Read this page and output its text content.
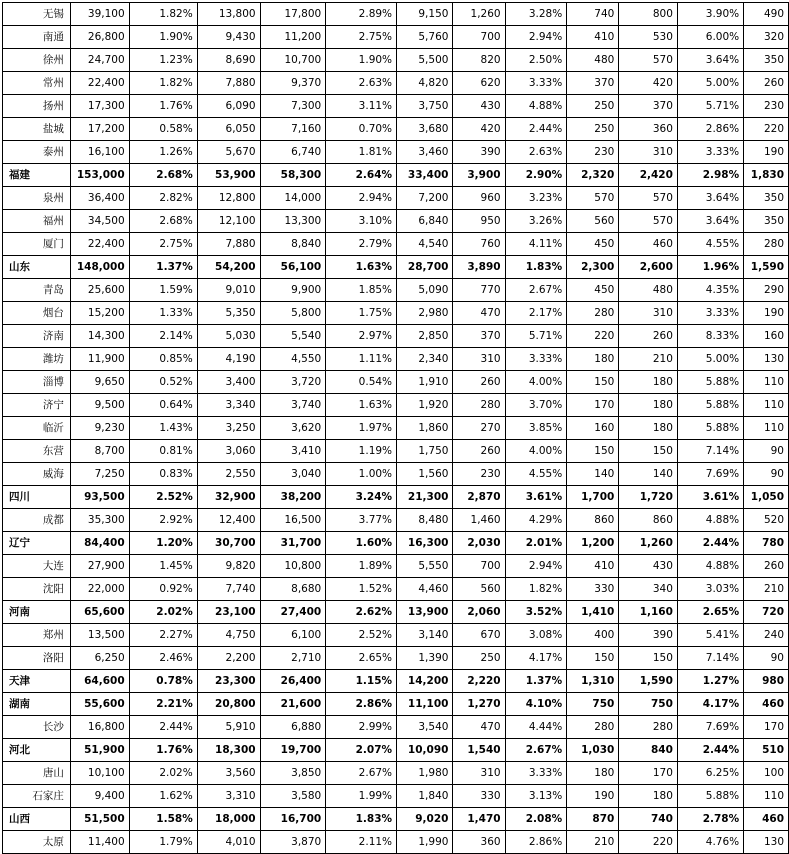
无锡	39,100	1.82%	13,800	17,800	2.89%	9,150	1,260	3.28%	740	800	3.90%	490
南通	26,800	1.90%	9,430	11,200	2.75%	5,760	700	2.94%	410	530	6.00%	320
徐州	24,700	1.23%	8,690	10,700	1.90%	5,500	820	2.50%	480	570	3.64%	350
常州	22,400	1.82%	7,880	9,370	2.63%	4,820	620	3.33%	370	420	5.00%	260
扬州	17,300	1.76%	6,090	7,300	3.11%	3,750	430	4.88%	250	370	5.71%	230
盐城	17,200	0.58%	6,050	7,160	0.70%	3,680	420	2.44%	250	360	2.86%	220
泰州	16,100	1.26%	5,670	6,740	1.81%	3,460	390	2.63%	230	310	3.33%	190
福建	153,000	2.68%	53,900	58,300	2.64%	33,400	3,900	2.90%	2,320	2,420	2.98%	1,830
泉州	36,400	2.82%	12,800	14,000	2.94%	7,200	960	3.23%	570	570	3.64%	350
福州	34,500	2.68%	12,100	13,300	3.10%	6,840	950	3.26%	560	570	3.64%	350
厦门	22,400	2.75%	7,880	8,840	2.79%	4,540	760	4.11%	450	460	4.55%	280
山东	148,000	1.37%	54,200	56,100	1.63%	28,700	3,890	1.83%	2,300	2,600	1.96%	1,590
青岛	25,600	1.59%	9,010	9,900	1.85%	5,090	770	2.67%	450	480	4.35%	290
烟台	15,200	1.33%	5,350	5,800	1.75%	2,980	470	2.17%	280	310	3.33%	190
济南	14,300	2.14%	5,030	5,540	2.97%	2,850	370	5.71%	220	260	8.33%	160
潍坊	11,900	0.85%	4,190	4,550	1.11%	2,340	310	3.33%	180	210	5.00%	130
淄博	9,650	0.52%	3,400	3,720	0.54%	1,910	260	4.00%	150	180	5.88%	110
济宁	9,500	0.64%	3,340	3,740	1.63%	1,920	280	3.70%	170	180	5.88%	110
临沂	9,230	1.43%	3,250	3,620	1.97%	1,860	270	3.85%	160	180	5.88%	110
东营	8,700	0.81%	3,060	3,410	1.19%	1,750	260	4.00%	150	150	7.14%	90
威海	7,250	0.83%	2,550	3,040	1.00%	1,560	230	4.55%	140	140	7.69%	90
四川	93,500	2.52%	32,900	38,200	3.24%	21,300	2,870	3.61%	1,700	1,720	3.61%	1,050
成都	35,300	2.92%	12,400	16,500	3.77%	8,480	1,460	4.29%	860	860	4.88%	520
辽宁	84,400	1.20%	30,700	31,700	1.60%	16,300	2,030	2.01%	1,200	1,260	2.44%	780
大连	27,900	1.45%	9,820	10,800	1.89%	5,550	700	2.94%	410	430	4.88%	260
沈阳	22,000	0.92%	7,740	8,680	1.52%	4,460	560	1.82%	330	340	3.03%	210
河南	65,600	2.02%	23,100	27,400	2.62%	13,900	2,060	3.52%	1,410	1,160	2.65%	720
郑州	13,500	2.27%	4,750	6,100	2.52%	3,140	670	3.08%	400	390	5.41%	240
洛阳	6,250	2.46%	2,200	2,710	2.65%	1,390	250	4.17%	150	150	7.14%	90
天津	64,600	0.78%	23,300	26,400	1.15%	14,200	2,220	1.37%	1,310	1,590	1.27%	980
湖南	55,600	2.21%	20,800	21,600	2.86%	11,100	1,270	4.10%	750	750	4.17%	460
长沙	16,800	2.44%	5,910	6,880	2.99%	3,540	470	4.44%	280	280	7.69%	170
河北	51,900	1.76%	18,300	19,700	2.07%	10,090	1,540	2.67%	1,030	840	2.44%	510
唐山	10,100	2.02%	3,560	3,850	2.67%	1,980	310	3.33%	180	170	6.25%	100
石家庄	9,400	1.62%	3,310	3,580	1.99%	1,840	330	3.13%	190	180	5.88%	110
山西	51,500	1.58%	18,000	16,700	1.83%	9,020	1,470	2.08%	870	740	2.78%	460
太原	11,400	1.79%	4,010	3,870	2.11%	1,990	360	2.86%	210	220	4.76%	130
